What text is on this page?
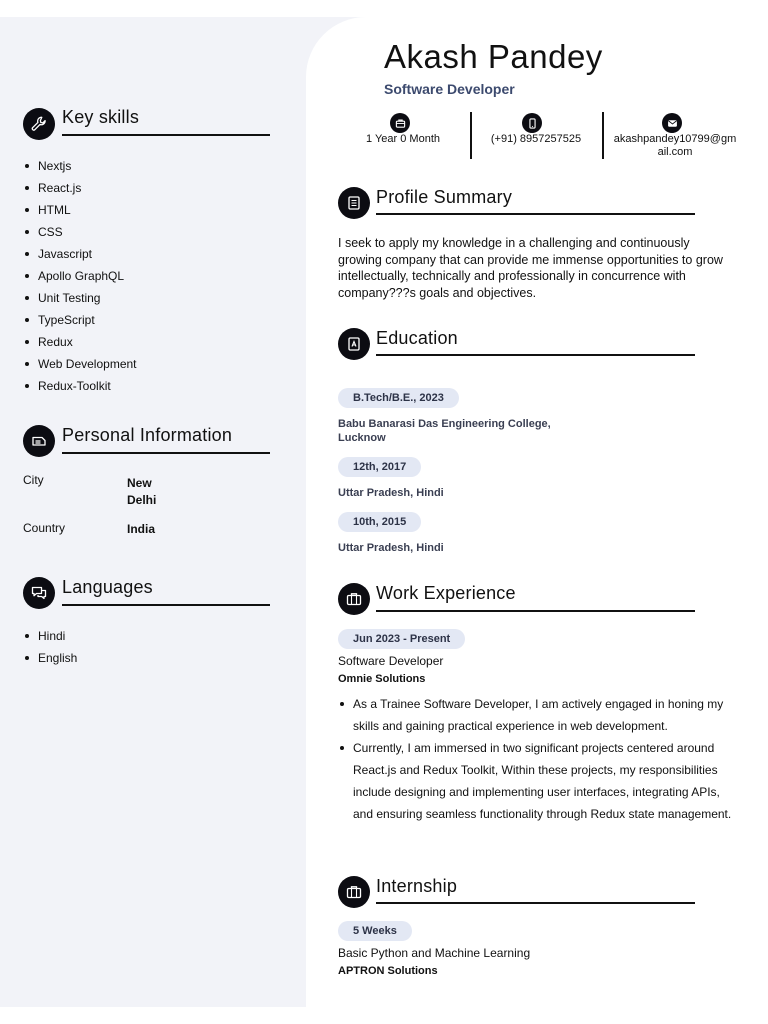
Akash Pandey
Software Developer
1 Year 0 Month	(+91) 8957257525	akashpandey10799@gmail.com
Key skills
Nextjs
React.js
HTML
CSS
Javascript
Apollo GraphQL
Unit Testing
TypeScript
Redux
Web Development
Redux-Toolkit
Personal Information
City	New Delhi
Country	India
Languages
Hindi
English
Profile Summary
I seek to apply my knowledge in a challenging and continuously growing company that can provide me immense opportunities to grow intellectually, technically and professionally in concurrence with company???s goals and objectives.
Education
B.Tech/B.E., 2023
Babu Banarasi Das Engineering College, Lucknow
12th, 2017
Uttar Pradesh, Hindi
10th, 2015
Uttar Pradesh, Hindi
Work Experience
Jun 2023 - Present
Software Developer
Omnie Solutions
As a Trainee Software Developer, I am actively engaged in honing my skills and gaining practical experience in web development.
Currently, I am immersed in two significant projects centered around React.js and Redux Toolkit, Within these projects, my responsibilities include designing and implementing user interfaces, integrating APIs, and ensuring seamless functionality through Redux state management.
Internship
5 Weeks
Basic Python and Machine Learning
APTRON Solutions
